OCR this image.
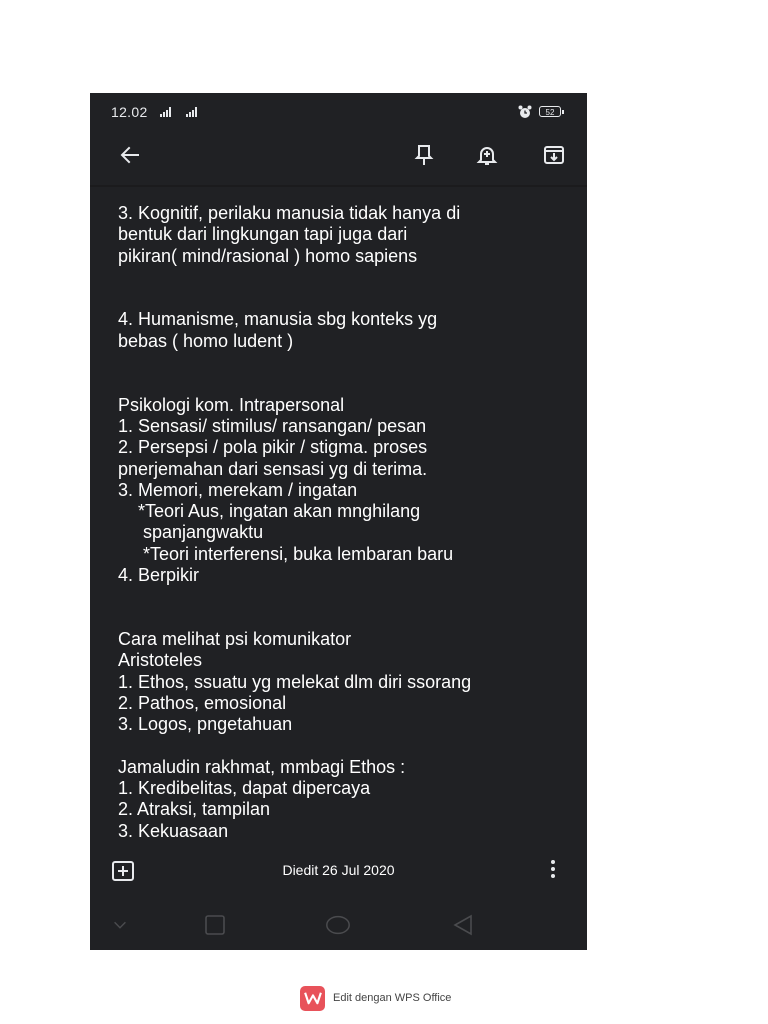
12.02	52
3. Kognitif, perilaku manusia tidak hanya di
bentuk dari lingkungan tapi juga dari
pikiran( mind/rasional ) homo sapiens

4. Humanisme, manusia sbg konteks yg
bebas ( homo ludent )

Psikologi kom. Intrapersonal
1. Sensasi/ stimilus/ ransangan/ pesan
2. Persepsi / pola pikir / stigma. proses
pnerjemahan dari sensasi yg di terima.
3. Memori, merekam / ingatan
*Teori Aus, ingatan akan mnghilang
spanjangwaktu
*Teori interferensi, buka lembaran baru
4. Berpikir

Cara melihat psi komunikator
Aristoteles
1. Ethos, ssuatu yg melekat dlm diri ssorang
2. Pathos, emosional
3. Logos, pngetahuan

Jamaludin rakhmat, mmbagi Ethos :
1. Kredibelitas, dapat dipercaya
2. Atraksi, tampilan
3. Kekuasaan
Diedit 26 Jul 2020
Edit dengan WPS Office
